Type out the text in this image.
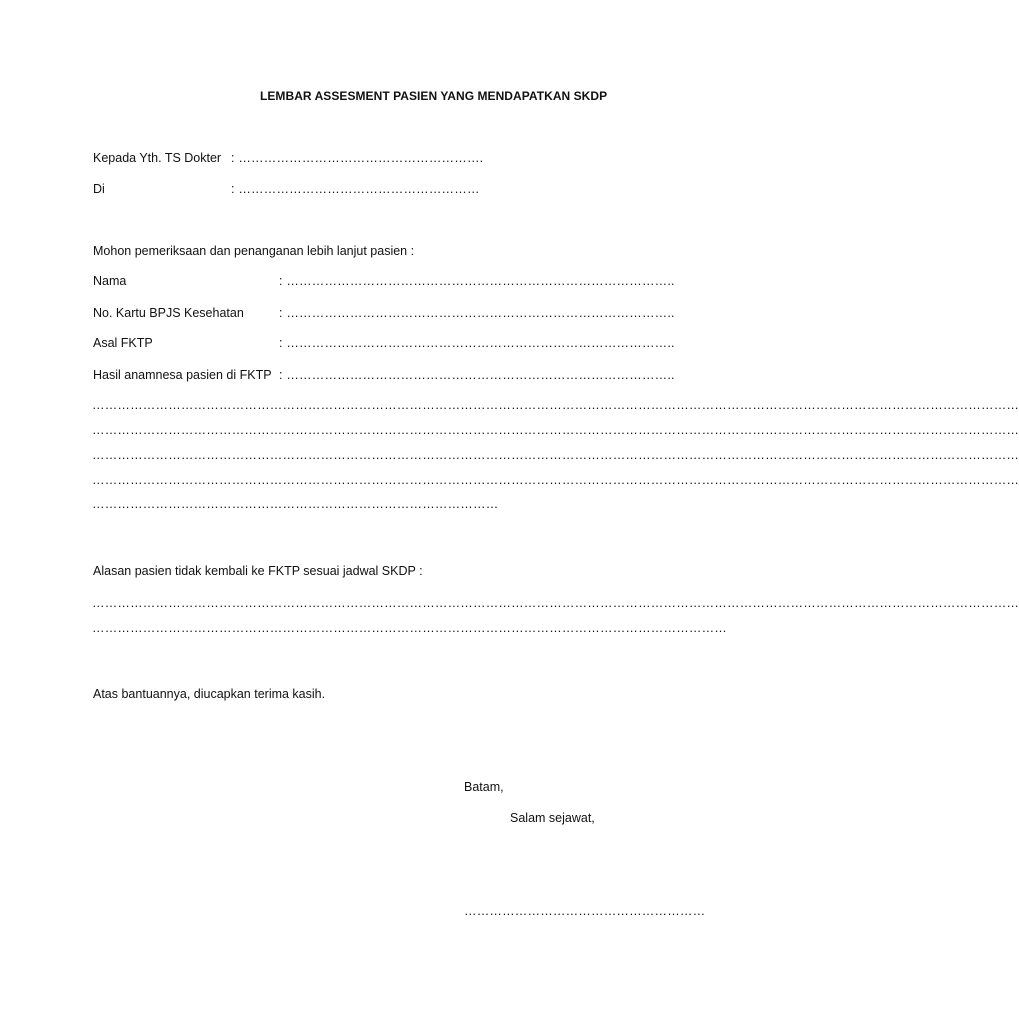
LEMBAR ASSESMENT PASIEN YANG MENDAPATKAN SKDP
Kepada Yth. TS Dokter : ………………………………………………….
Di	: …………………………………………………
Mohon pemeriksaan dan penanganan lebih lanjut pasien :
Nama	: ………………………………………………………………………………..
No. Kartu BPJS Kesehatan	: ………………………………………………………………………………..
Asal FKTP	: ………………………………………………………………………………..
Hasil anamnesa pasien di FKTP : ………………………………………………………………………………..
…………………………………………………………………………………………………………………………………………………………………………………………………
…………………………………………………………………………………………………………………………………………………………………………………………………
…………………………………………………………………………………………………………………………………………………………………………………………………
…………………………………………………………………………………………………………………………………………………………………………………………………
……………………………………………………………………………………
Alasan pasien tidak kembali ke FKTP sesuai jadwal SKDP :
…………………………………………………………………………………………………………………………………………………………………………………………………
……………………………………………………………………………………………………………………………………
Atas bantuannya, diucapkan terima kasih.
Batam,
Salam sejawat,
…………………………………………………
